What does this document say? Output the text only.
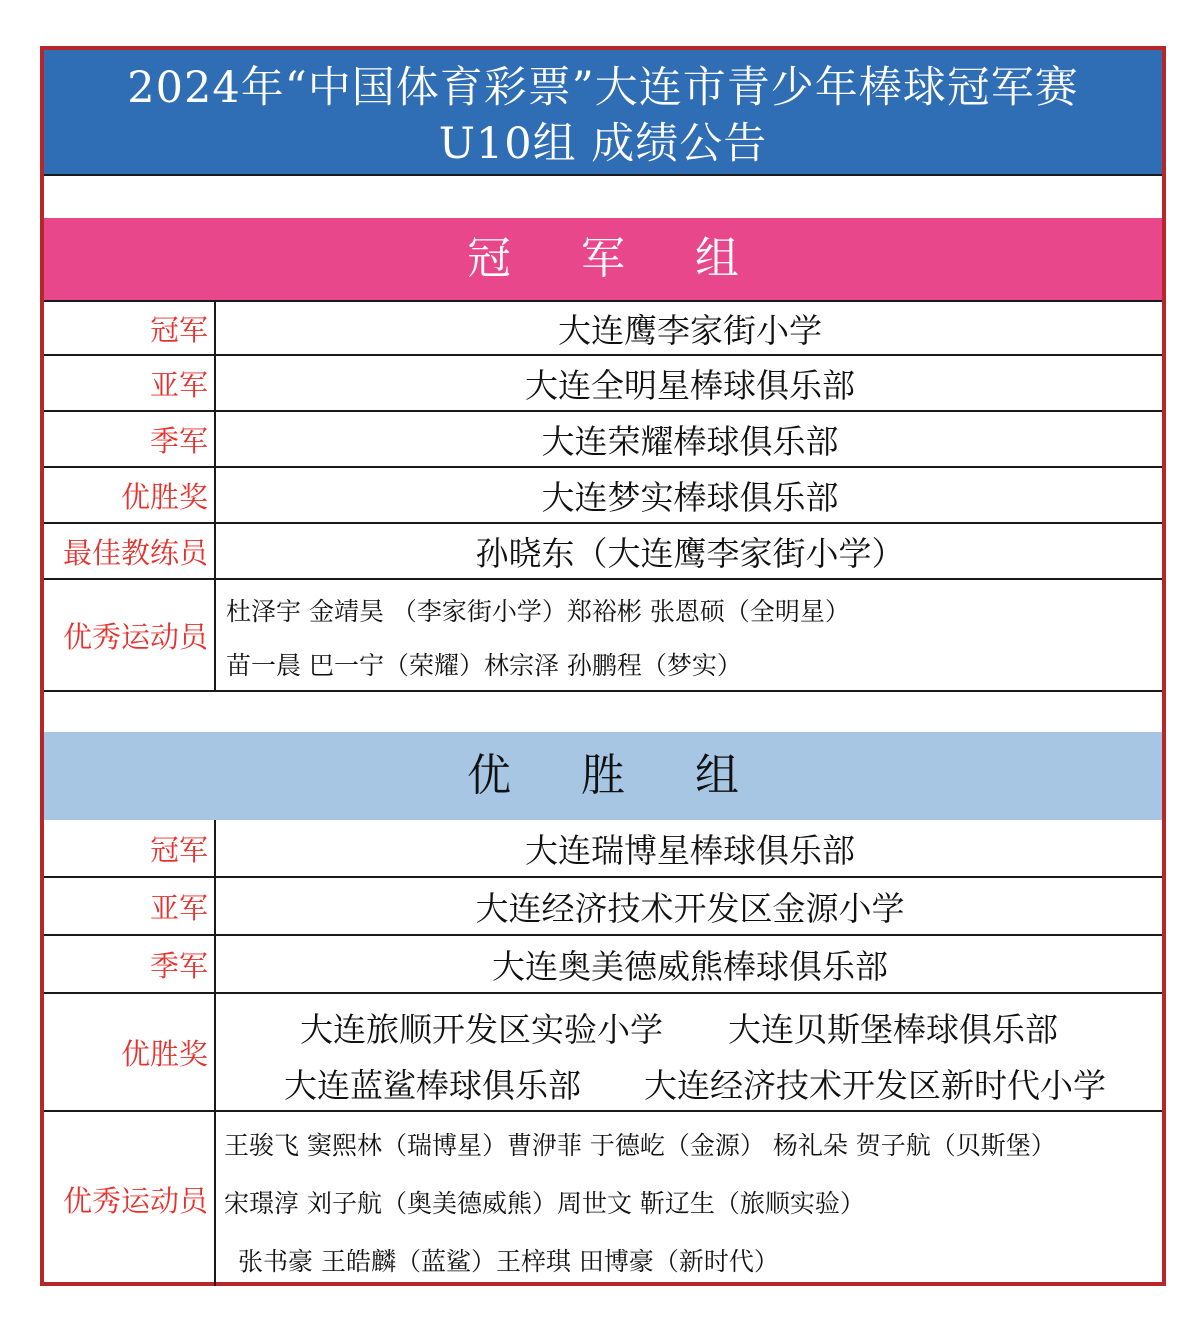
2024年“中国体育彩票”大连市青少年棒球冠军赛
U10组 成绩公告
冠军组
冠军	大连鹰李家街小学
亚军	大连全明星棒球俱乐部
季军	大连荣耀棒球俱乐部
优胜奖	大连梦实棒球俱乐部
最佳教练员	孙晓东（大连鹰李家街小学）
优秀运动员
杜泽宇 金靖昊 （李家街小学）郑裕彬 张恩硕（全明星）
苗一晨 巴一宁（荣耀）林宗泽 孙鹏程（梦实）
优胜组
冠军	大连瑞博星棒球俱乐部
亚军	大连经济技术开发区金源小学
季军	大连奥美德威熊棒球俱乐部
优胜奖
大连旅顺开发区实验小学 大连贝斯堡棒球俱乐部
大连蓝鲨棒球俱乐部 大连经济技术开发区新时代小学
优秀运动员
王骏飞 窦熙林（瑞博星）曹洢菲 于德屹（金源） 杨礼朵 贺子航（贝斯堡）
宋璟淳 刘子航（奥美德威熊）周世文 靳辽生（旅顺实验）
张书豪 王皓麟（蓝鲨）王梓琪 田博豪（新时代）
